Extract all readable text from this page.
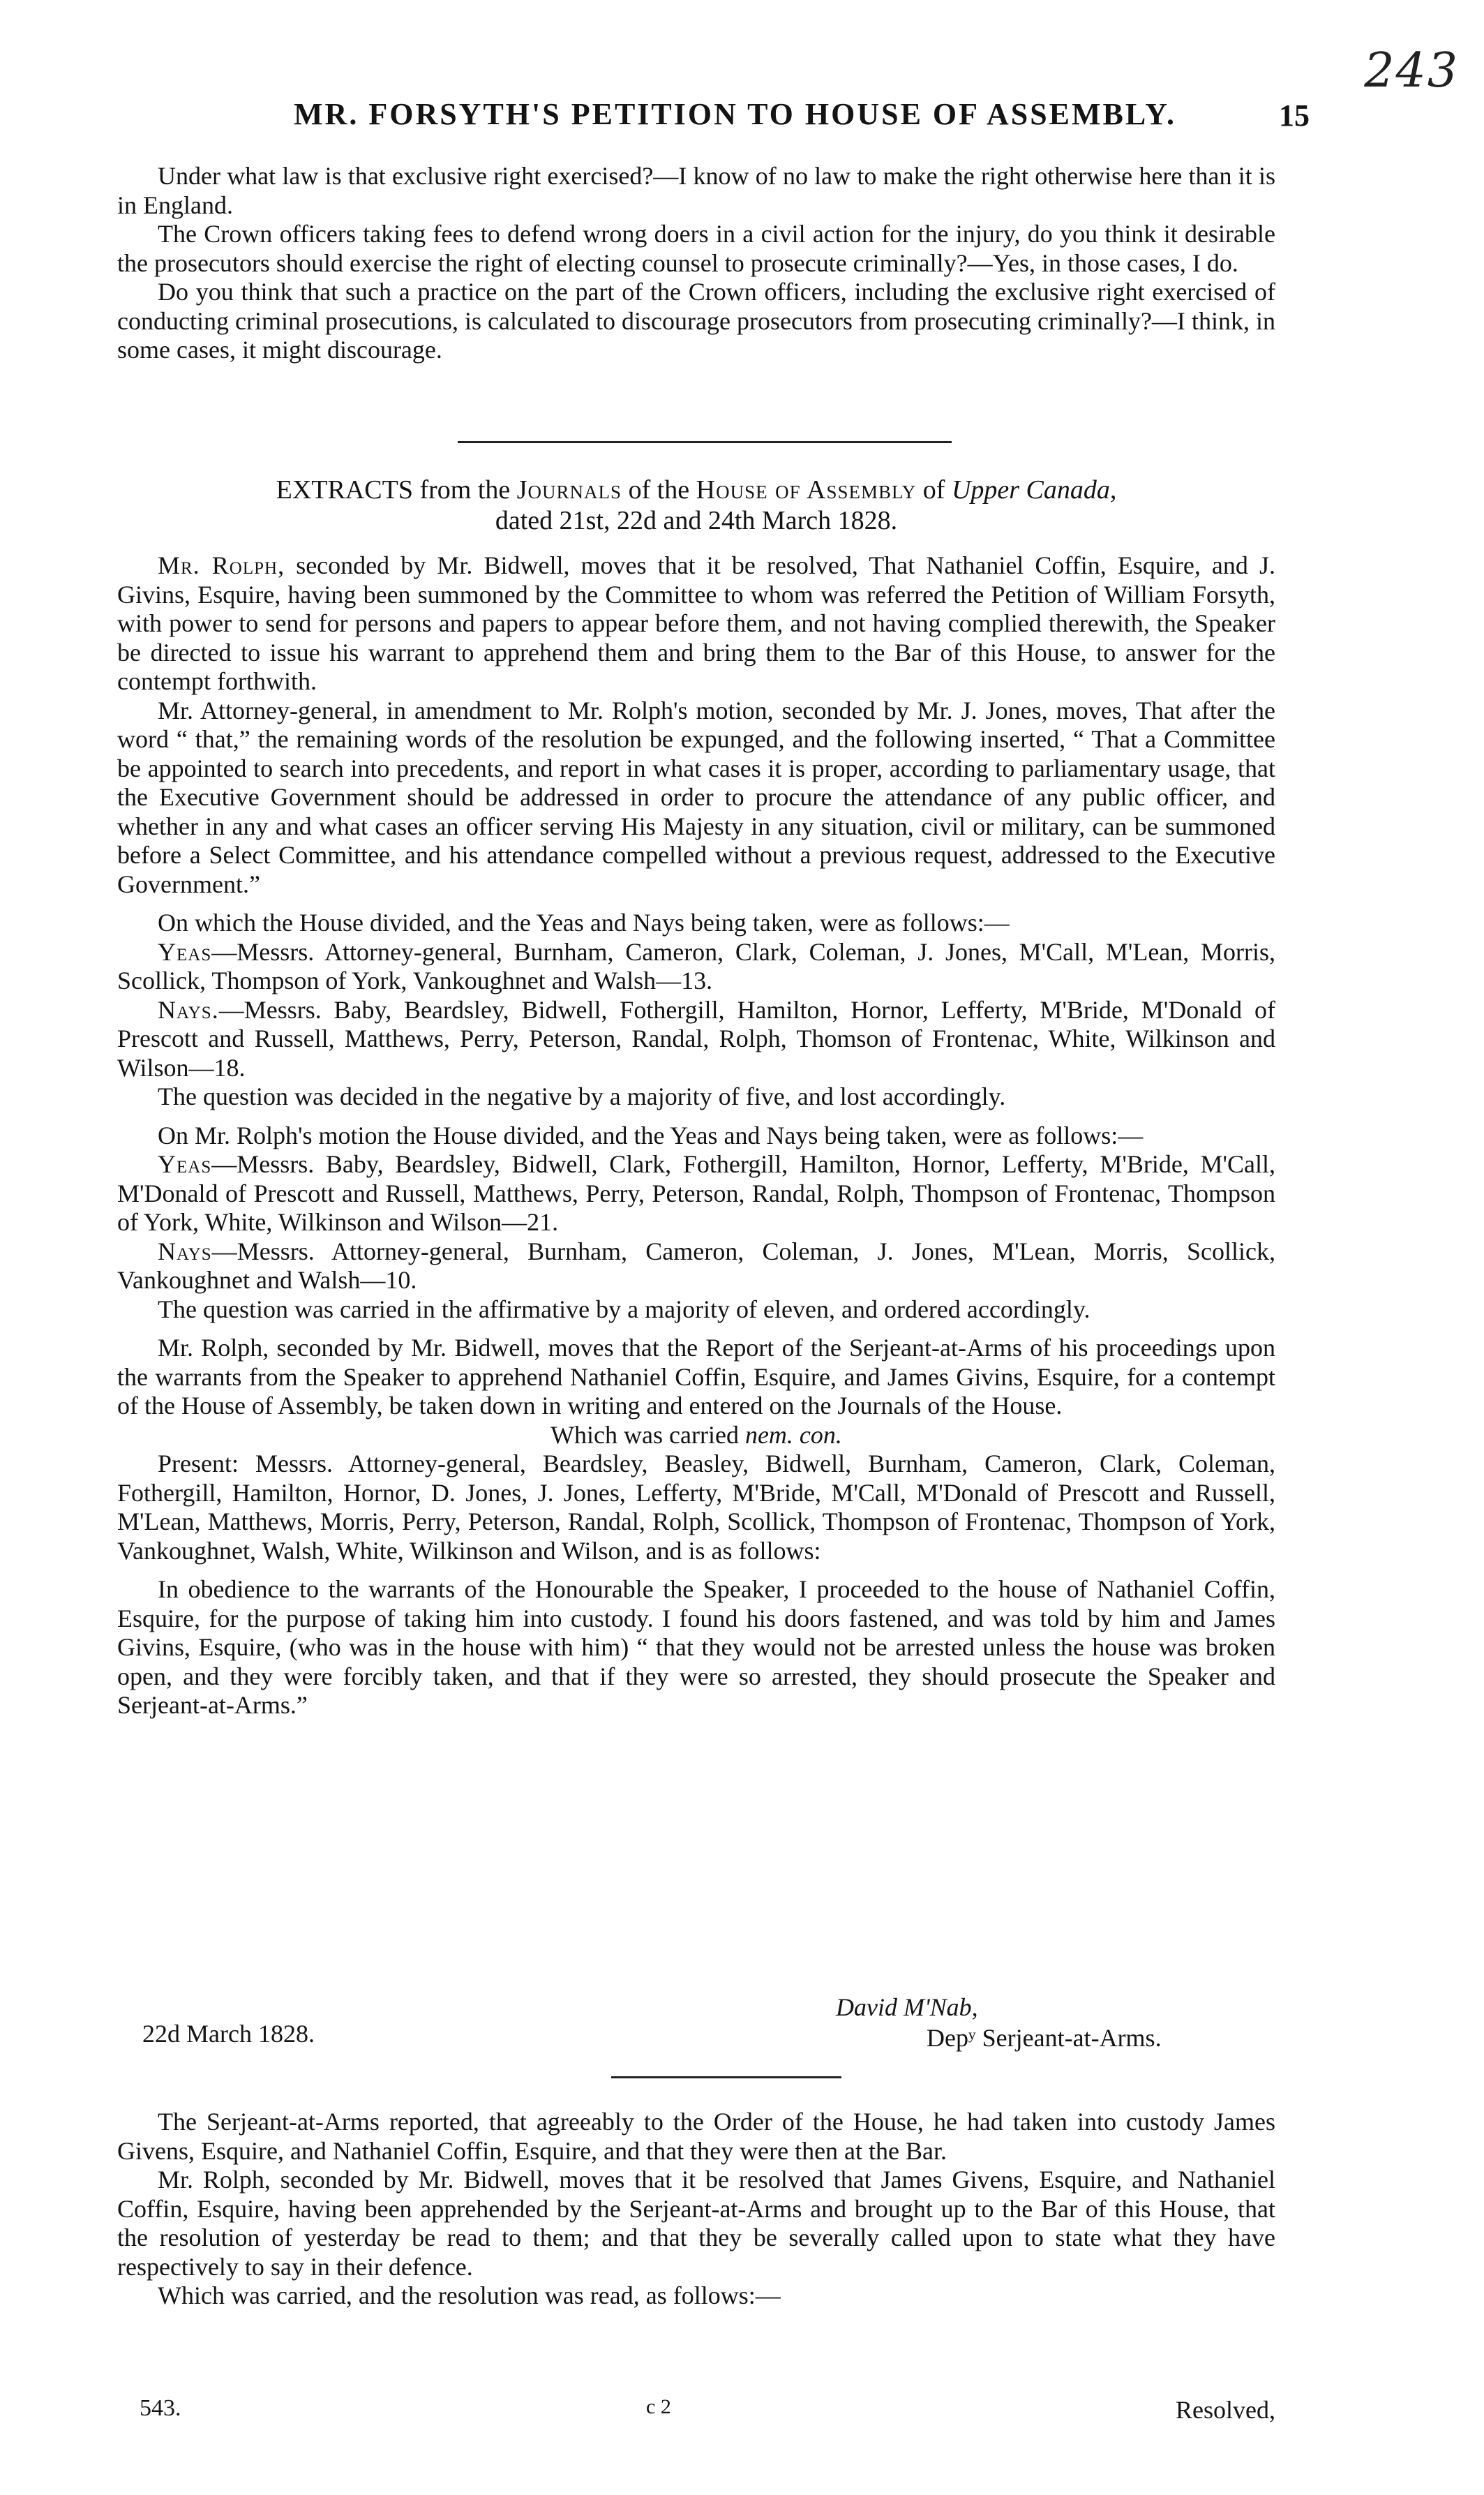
243
MR. FORSYTH'S PETITION TO HOUSE OF ASSEMBLY.	15

Under what law is that exclusive right exercised?—I know of no law to make the right otherwise here than it is in England.

The Crown officers taking fees to defend wrong doers in a civil action for the injury, do you think it desirable the prosecutors should exercise the right of electing counsel to prosecute criminally?—Yes, in those cases, I do.

Do you think that such a practice on the part of the Crown officers, including the exclusive right exercised of conducting criminal prosecutions, is calculated to discourage prosecutors from prosecuting criminally?—I think, in some cases, it might discourage.

EXTRACTS from the Journals of the House of Assembly of Upper Canada,
dated 21st, 22d and 24th March 1828.

Mr. Rolph, seconded by Mr. Bidwell, moves that it be resolved, That Nathaniel Coffin, Esquire, and J. Givins, Esquire, having been summoned by the Committee to whom was referred the Petition of William Forsyth, with power to send for persons and papers to appear before them, and not having complied therewith, the Speaker be directed to issue his warrant to apprehend them and bring them to the Bar of this House, to answer for the contempt forthwith.

Mr. Attorney-general, in amendment to Mr. Rolph's motion, seconded by Mr. J. Jones, moves, That after the word “ that,” the remaining words of the resolution be expunged, and the following inserted, “ That a Committee be appointed to search into precedents, and report in what cases it is proper, according to parliamentary usage, that the Executive Government should be addressed in order to procure the attendance of any public officer, and whether in any and what cases an officer serving His Majesty in any situation, civil or military, can be summoned before a Select Committee, and his attendance compelled without a previous request, addressed to the Executive Government.”

On which the House divided, and the Yeas and Nays being taken, were as follows:—

Yeas—Messrs. Attorney-general, Burnham, Cameron, Clark, Coleman, J. Jones, M'Call, M'Lean, Morris, Scollick, Thompson of York, Vankoughnet and Walsh—13.

Nays.—Messrs. Baby, Beardsley, Bidwell, Fothergill, Hamilton, Hornor, Lefferty, M'Bride, M'Donald of Prescott and Russell, Matthews, Perry, Peterson, Randal, Rolph, Thomson of Frontenac, White, Wilkinson and Wilson—18.

The question was decided in the negative by a majority of five, and lost accordingly.

On Mr. Rolph's motion the House divided, and the Yeas and Nays being taken, were as follows:—

Yeas—Messrs. Baby, Beardsley, Bidwell, Clark, Fothergill, Hamilton, Hornor, Lefferty, M'Bride, M'Call, M'Donald of Prescott and Russell, Matthews, Perry, Peterson, Randal, Rolph, Thompson of Frontenac, Thompson of York, White, Wilkinson and Wilson—21.

Nays—Messrs. Attorney-general, Burnham, Cameron, Coleman, J. Jones, M'Lean, Morris, Scollick, Vankoughnet and Walsh—10.

The question was carried in the affirmative by a majority of eleven, and ordered accordingly.

Mr. Rolph, seconded by Mr. Bidwell, moves that the Report of the Serjeant-at-Arms of his proceedings upon the warrants from the Speaker to apprehend Nathaniel Coffin, Esquire, and James Givins, Esquire, for a contempt of the House of Assembly, be taken down in writing and entered on the Journals of the House.

Which was carried nem. con.

Present: Messrs. Attorney-general, Beardsley, Beasley, Bidwell, Burnham, Cameron, Clark, Coleman, Fothergill, Hamilton, Hornor, D. Jones, J. Jones, Lefferty, M'Bride, M'Call, M'Donald of Prescott and Russell, M'Lean, Matthews, Morris, Perry, Peterson, Randal, Rolph, Scollick, Thompson of Frontenac, Thompson of York, Vankoughnet, Walsh, White, Wilkinson and Wilson, and is as follows:

In obedience to the warrants of the Honourable the Speaker, I proceeded to the house of Nathaniel Coffin, Esquire, for the purpose of taking him into custody. I found his doors fastened, and was told by him and James Givins, Esquire, (who was in the house with him) “ that they would not be arrested unless the house was broken open, and they were forcibly taken, and that if they were so arrested, they should prosecute the Speaker and Serjeant-at-Arms.”

David M'Nab,
22d March 1828.	Depʸ Serjeant-at-Arms.

The Serjeant-at-Arms reported, that agreeably to the Order of the House, he had taken into custody James Givens, Esquire, and Nathaniel Coffin, Esquire, and that they were then at the Bar.

Mr. Rolph, seconded by Mr. Bidwell, moves that it be resolved that James Givens, Esquire, and Nathaniel Coffin, Esquire, having been apprehended by the Serjeant-at-Arms and brought up to the Bar of this House, that the resolution of yesterday be read to them; and that they be severally called upon to state what they have respectively to say in their defence.

Which was carried, and the resolution was read, as follows:—

543.	c 2	Resolved,
